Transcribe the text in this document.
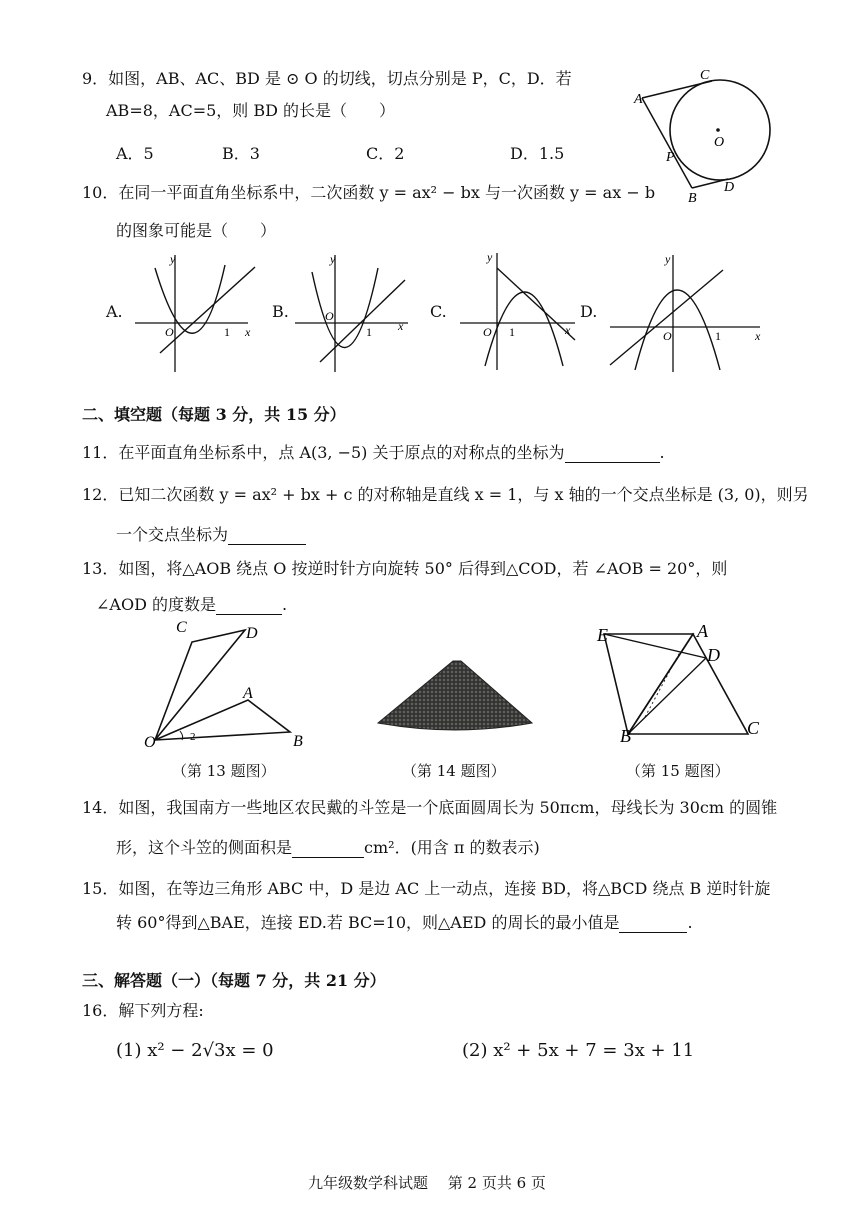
9．如图，AB、AC、BD 是 ⊙ O 的切线，切点分别是 P，C，D．若
AB=8，AC=5，则 BD 的长是（　　）
A．5	B．3	C．2	D．1.5
C
A
O
P
B
D
10．在同一平面直角坐标系中，二次函数 y = ax² − bx 与一次函数 y = ax − b
的图象可能是（　　）
A.
y
x
O	1
B.
y
x
O
1
C.
y
x
O 1
D.
y
x
O	1
二、填空题（每题 3 分，共 15 分）
11．在平面直角坐标系中，点 A(3, −5) 关于原点的对称点的坐标为	.
12．已知二次函数 y = ax² + bx + c 的对称轴是直线 x = 1，与 x 轴的一个交点坐标是 (3, 0)，则另
一个交点坐标为
13．如图，将△AOB 绕点 O 按逆时针方向旋转 50° 后得到△COD，若 ∠AOB = 20°，则
∠AOD 的度数是	.
C	D
A
O	B
2
E	A
D
B	C
（第 13 题图）	（第 14 题图）	（第 15 题图）
14．如图，我国南方一些地区农民戴的斗笠是一个底面圆周长为 50πcm，母线长为 30cm 的圆锥
形，这个斗笠的侧面积是	cm²．(用含 π 的数表示)
15．如图，在等边三角形 ABC 中，D 是边 AC 上一动点，连接 BD，将△BCD 绕点 B 逆时针旋
转 60°得到△BAE，连接 ED.若 BC=10，则△AED 的周长的最小值是	.
三、解答题（一）（每题 7 分，共 21 分）
16．解下列方程:
(1) x² − 2√3x = 0	(2) x² + 5x + 7 = 3x + 11
九年级数学科试题　 第 2 页共 6 页
